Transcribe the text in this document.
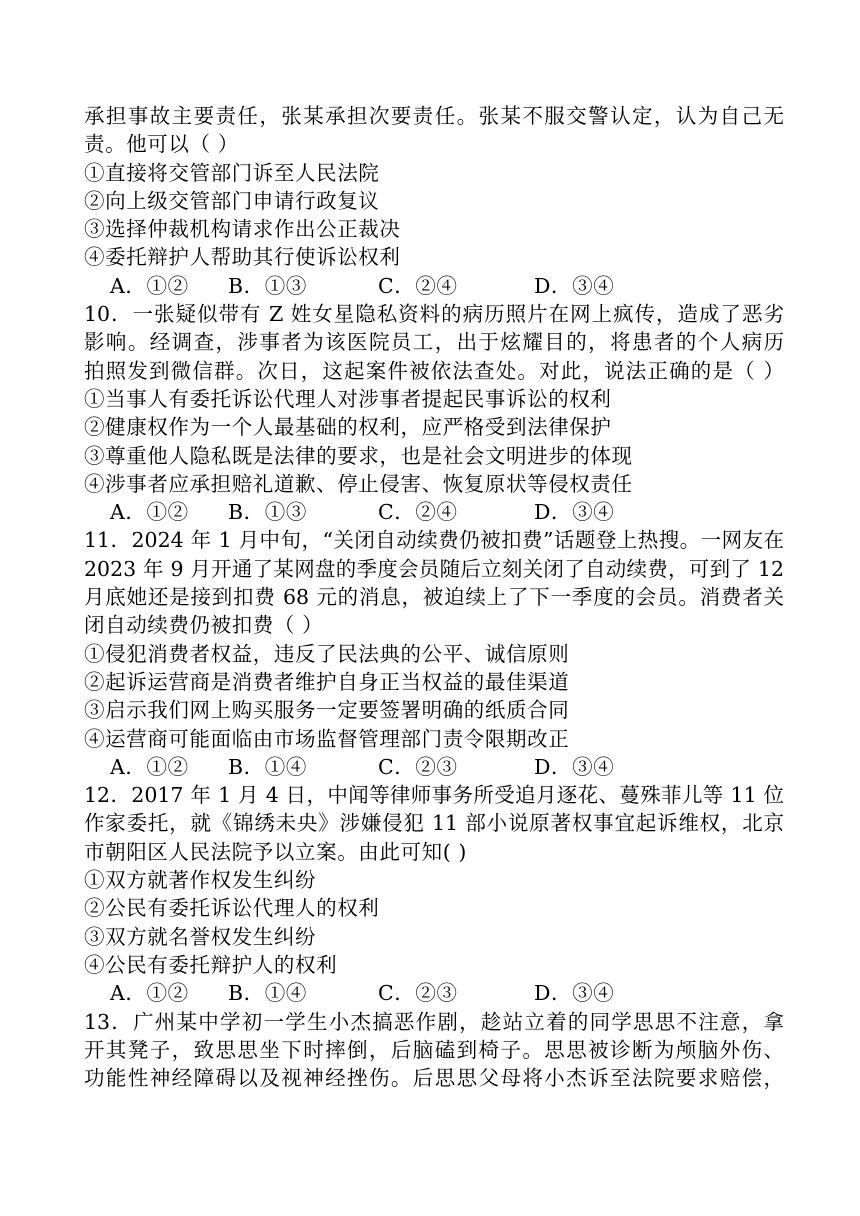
承担事故主要责任，张某承担次要责任。张某不服交警认定，认为自己无
责。他可以（ ）
①直接将交管部门诉至人民法院
②向上级交管部门申请行政复议
③选择仲裁机构请求作出公正裁决
④委托辩护人帮助其行使诉讼权利
A．①②	B．①③	C．②④	D．③④
10．一张疑似带有 Z 姓女星隐私资料的病历照片在网上疯传，造成了恶劣
影响。经调查，涉事者为该医院员工，出于炫耀目的，将患者的个人病历
拍照发到微信群。次日，这起案件被依法查处。对此，说法正确的是（ ）
①当事人有委托诉讼代理人对涉事者提起民事诉讼的权利
②健康权作为一个人最基础的权利，应严格受到法律保护
③尊重他人隐私既是法律的要求，也是社会文明进步的体现
④涉事者应承担赔礼道歉、停止侵害、恢复原状等侵权责任
A．①②	B．①③	C．②④	D．③④
11．2024 年 1 月中旬，“关闭自动续费仍被扣费”话题登上热搜。一网友在
2023 年 9 月开通了某网盘的季度会员随后立刻关闭了自动续费，可到了 12
月底她还是接到扣费 68 元的消息，被迫续上了下一季度的会员。消费者关
闭自动续费仍被扣费（ ）
①侵犯消费者权益，违反了民法典的公平、诚信原则
②起诉运营商是消费者维护自身正当权益的最佳渠道
③启示我们网上购买服务一定要签署明确的纸质合同
④运营商可能面临由市场监督管理部门责令限期改正
A．①②	B．①④	C．②③	D．③④
12．2017 年 1 月 4 日，中闻等律师事务所受追月逐花、蔓殊菲儿等 11 位
作家委托，就《锦绣未央》涉嫌侵犯 11 部小说原著权事宜起诉维权，北京
市朝阳区人民法院予以立案。由此可知( )
①双方就著作权发生纠纷
②公民有委托诉讼代理人的权利
③双方就名誉权发生纠纷
④公民有委托辩护人的权利
A．①②	B．①④	C．②③	D．③④
13．广州某中学初一学生小杰搞恶作剧，趁站立着的同学思思不注意，拿
开其凳子，致思思坐下时摔倒，后脑磕到椅子。思思被诊断为颅脑外伤、
功能性神经障碍以及视神经挫伤。后思思父母将小杰诉至法院要求赔偿，
